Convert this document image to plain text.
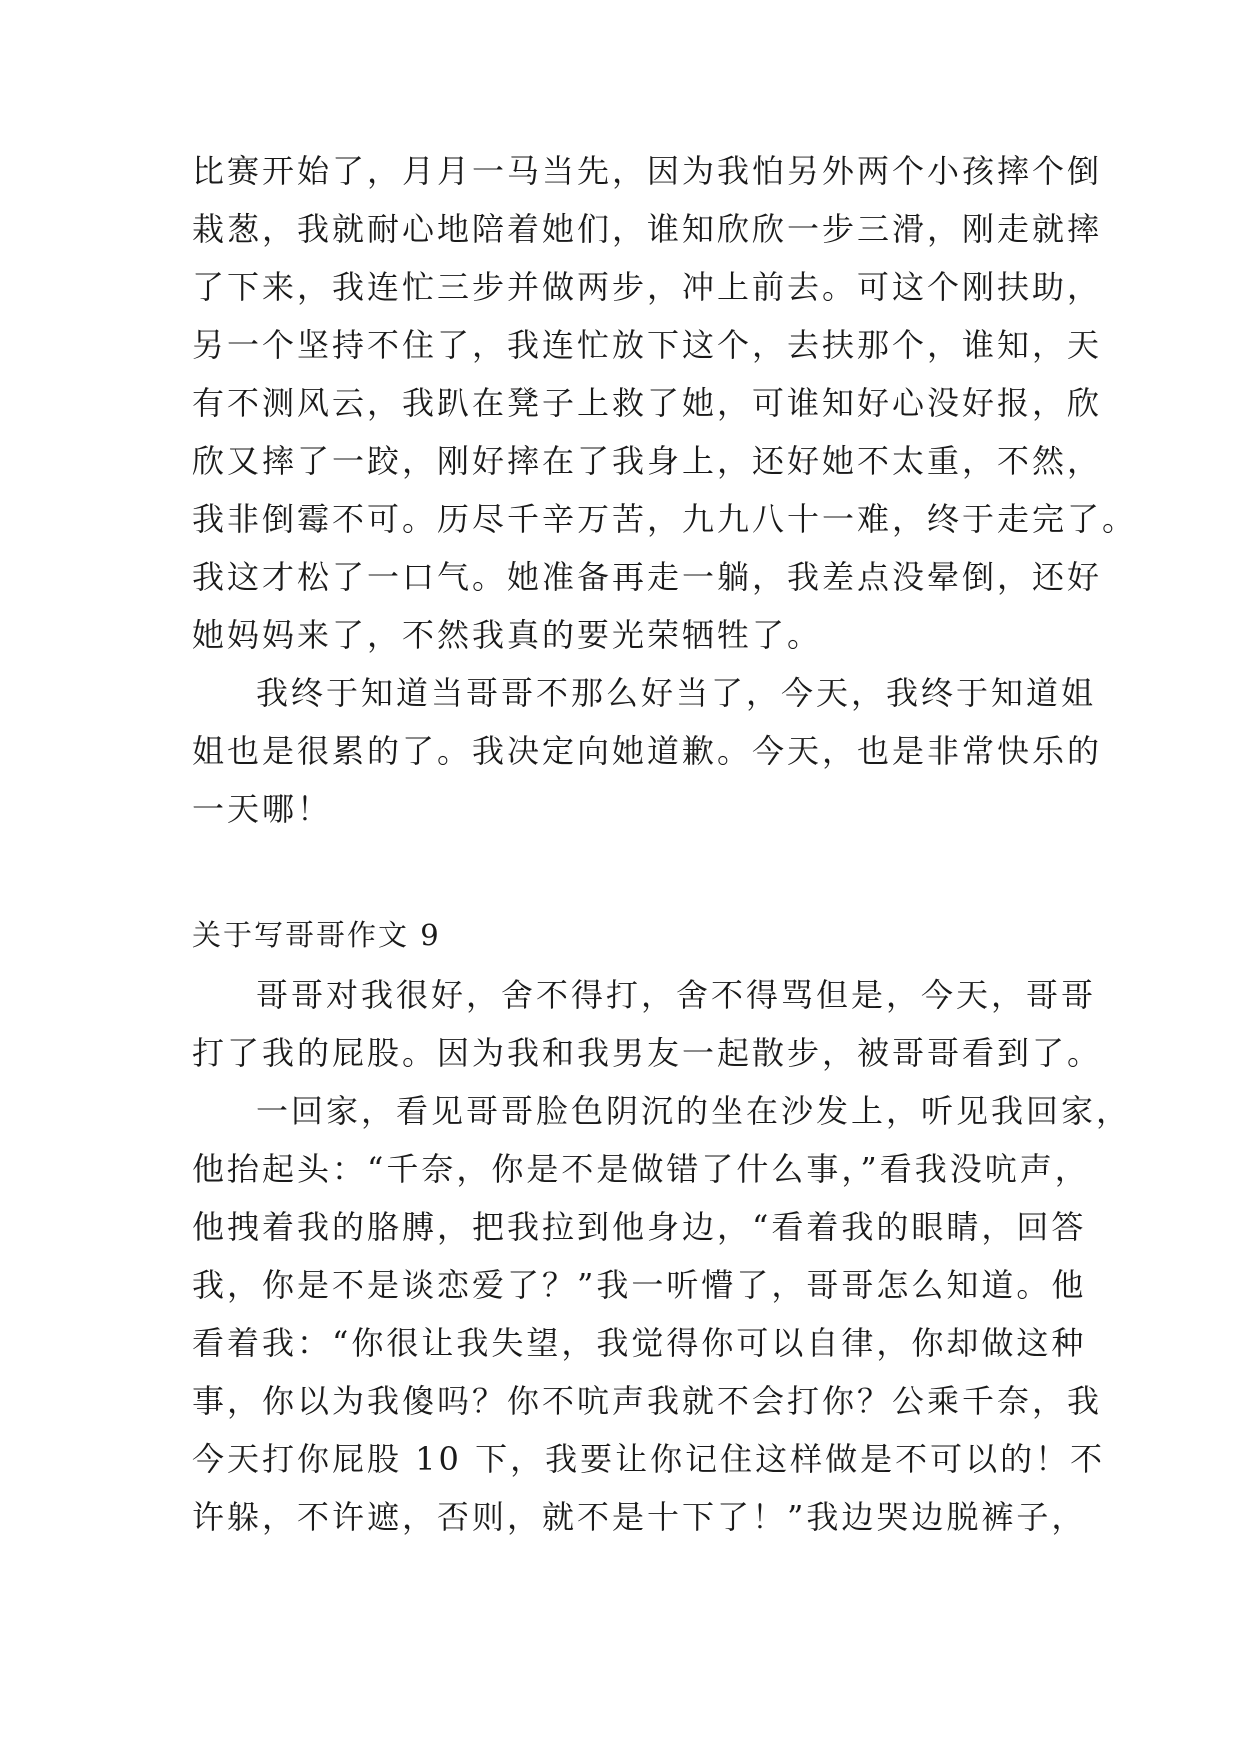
比赛开始了，月月一马当先，因为我怕另外两个小孩摔个倒
栽葱，我就耐心地陪着她们，谁知欣欣一步三滑，刚走就摔
了下来，我连忙三步并做两步，冲上前去。可这个刚扶助，
另一个坚持不住了，我连忙放下这个，去扶那个，谁知，天
有不测风云，我趴在凳子上救了她，可谁知好心没好报，欣
欣又摔了一跤，刚好摔在了我身上，还好她不太重，不然，
我非倒霉不可。历尽千辛万苦，九九八十一难，终于走完了。
我这才松了一口气。她准备再走一躺，我差点没晕倒，还好
她妈妈来了，不然我真的要光荣牺牲了。
我终于知道当哥哥不那么好当了，今天，我终于知道姐
姐也是很累的了。我决定向她道歉。今天，也是非常快乐的
一天哪！
关于写哥哥作文 9
哥哥对我很好，舍不得打，舍不得骂但是，今天，哥哥
打了我的屁股。因为我和我男友一起散步，被哥哥看到了。
一回家，看见哥哥脸色阴沉的坐在沙发上，听见我回家，
他抬起头：“千奈，你是不是做错了什么事，”看我没吭声，
他拽着我的胳膊，把我拉到他身边，“看着我的眼睛，回答
我，你是不是谈恋爱了？”我一听懵了，哥哥怎么知道。他
看着我：“你很让我失望，我觉得你可以自律，你却做这种
事，你以为我傻吗？你不吭声我就不会打你？公乘千奈，我
今天打你屁股 10 下，我要让你记住这样做是不可以的！不
许躲，不许遮，否则，就不是十下了！”我边哭边脱裤子，
